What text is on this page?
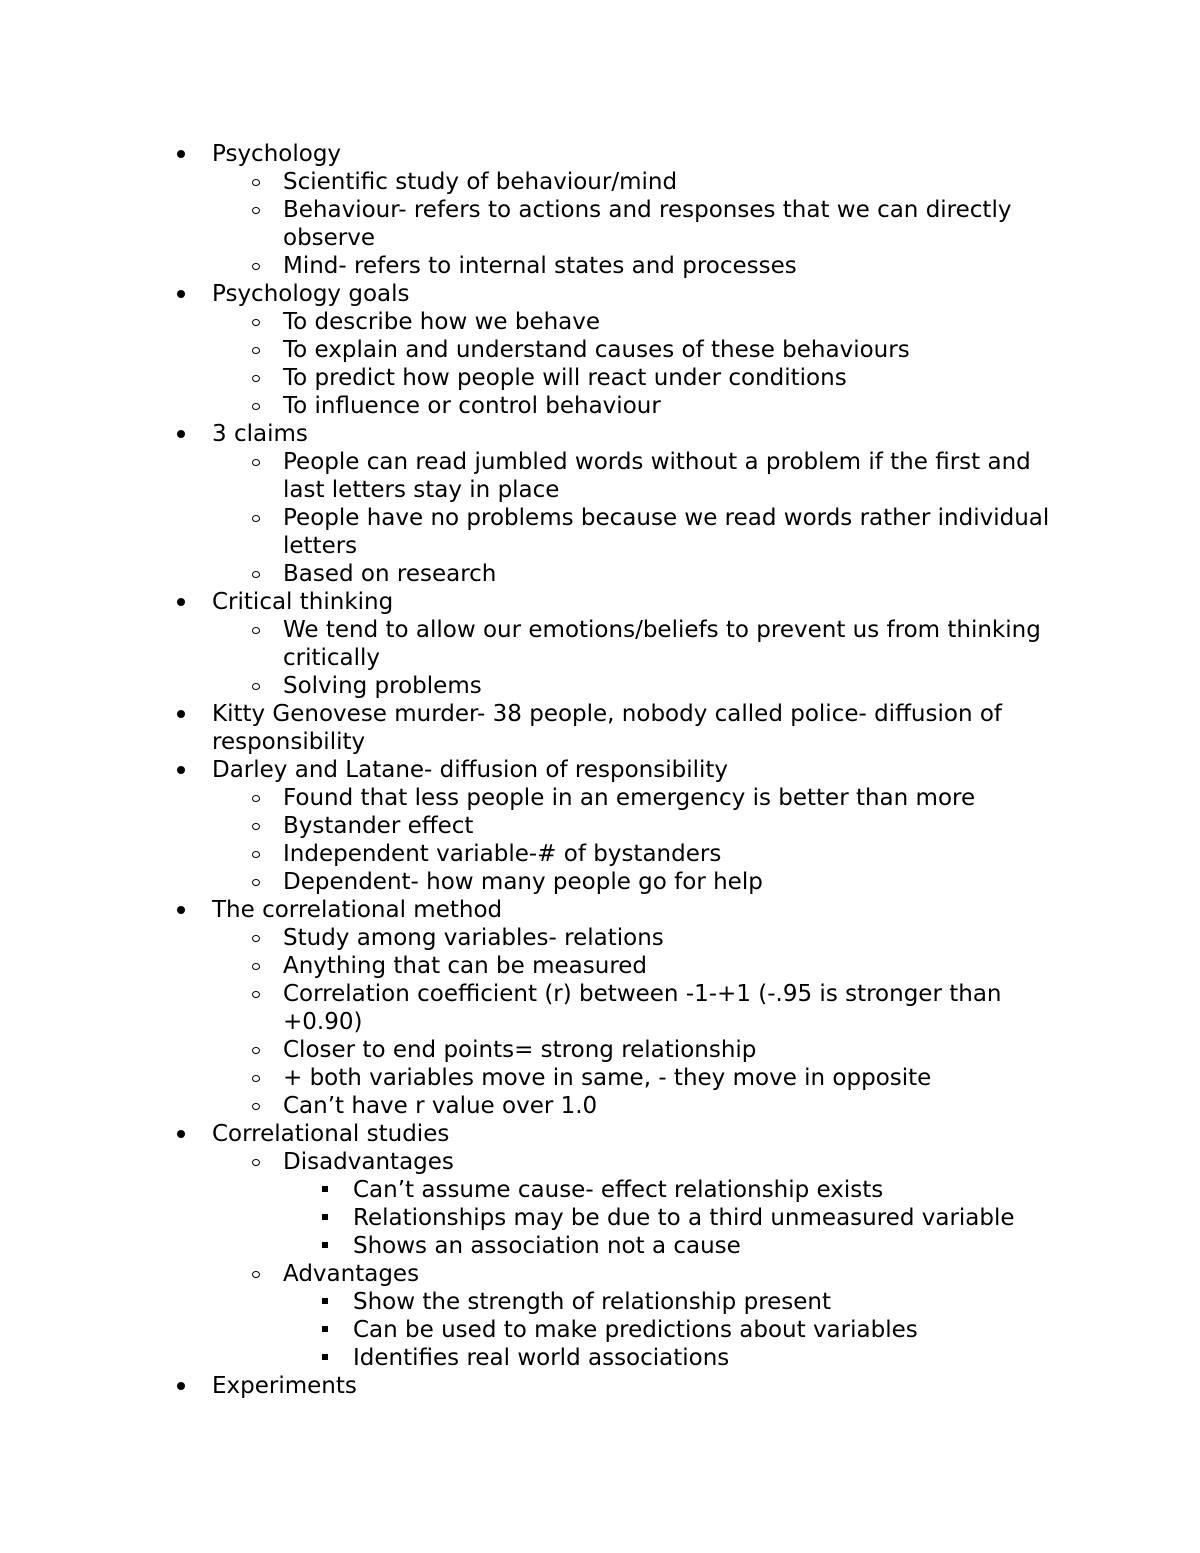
Psychology
Scientific study of behaviour/mind
Behaviour- refers to actions and responses that we can directly observe
Mind- refers to internal states and processes
Psychology goals
To describe how we behave
To explain and understand causes of these behaviours
To predict how people will react under conditions
To influence or control behaviour
3 claims
People can read jumbled words without a problem if the first and last letters stay in place
People have no problems because we read words rather individual letters
Based on research
Critical thinking
We tend to allow our emotions/beliefs to prevent us from thinking critically
Solving problems
Kitty Genovese murder- 38 people, nobody called police- diffusion of responsibility
Darley and Latane- diffusion of responsibility
Found that less people in an emergency is better than more
Bystander effect
Independent variable-# of bystanders
Dependent- how many people go for help
The correlational method
Study among variables- relations
Anything that can be measured
Correlation coefficient (r) between -1-+1 (-.95 is stronger than +0.90)
Closer to end points= strong relationship
+ both variables move in same, - they move in opposite
Can’t have r value over 1.0
Correlational studies
Disadvantages
Can’t assume cause- effect relationship exists
Relationships may be due to a third unmeasured variable
Shows an association not a cause
Advantages
Show the strength of relationship present
Can be used to make predictions about variables
Identifies real world associations
Experiments
